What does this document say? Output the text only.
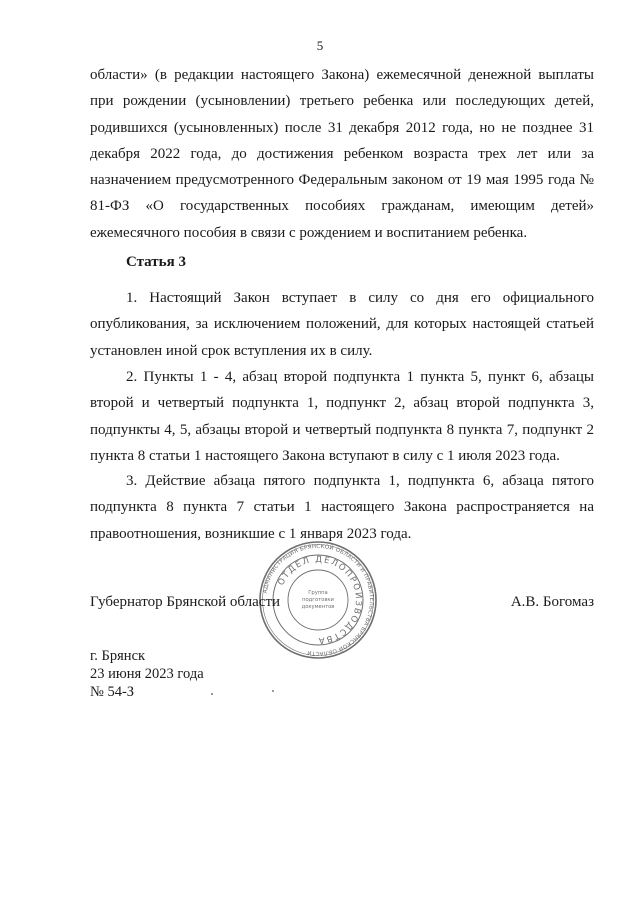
5

области» (в редакции настоящего Закона) ежемесячной денежной выплаты при рождении (усыновлении) третьего ребенка или последующих детей, родившихся (усыновленных) после 31 декабря 2012 года, но не позднее 31 декабря 2022 года, до достижения ребенком возраста трех лет или за назначением предусмотренного Федеральным законом от 19 мая 1995 года № 81-ФЗ «О государственных пособиях гражданам, имеющим детей» ежемесячного пособия в связи с рождением и воспитанием ребенка.

Статья 3

1. Настоящий Закон вступает в силу со дня его официального опубликования, за исключением положений, для которых настоящей статьей установлен иной срок вступления их в силу.

2. Пункты 1 - 4, абзац второй подпункта 1 пункта 5, пункт 6, абзацы второй и четвертый подпункта 1, подпункт 2, абзац второй подпункта 3, подпункты 4, 5, абзацы второй и четвертый подпункта 8 пункта 7, подпункт 2 пункта 8 статьи 1 настоящего Закона вступают в силу с 1 июля 2023 года.

3. Действие абзаца пятого подпункта 1, подпункта 6, абзаца пятого подпункта 8 пункта 7 статьи 1 настоящего Закона распространяется на правоотношения, возникшие с 1 января 2023 года.

АДМИНИСТРАЦИЯ БРЯНСКОЙ ОБЛАСТИ И ПРАВИТЕЛЬСТВА БРЯНСКОЙ ОБЛАСТИ
ОТДЕЛ ДЕЛОПРОИЗВОДСТВА
Группа
подготовки
документов
Губернатор Брянской области	А.В. Богомаз
г. Брянск
23 июня 2023 года
№ 54-З
